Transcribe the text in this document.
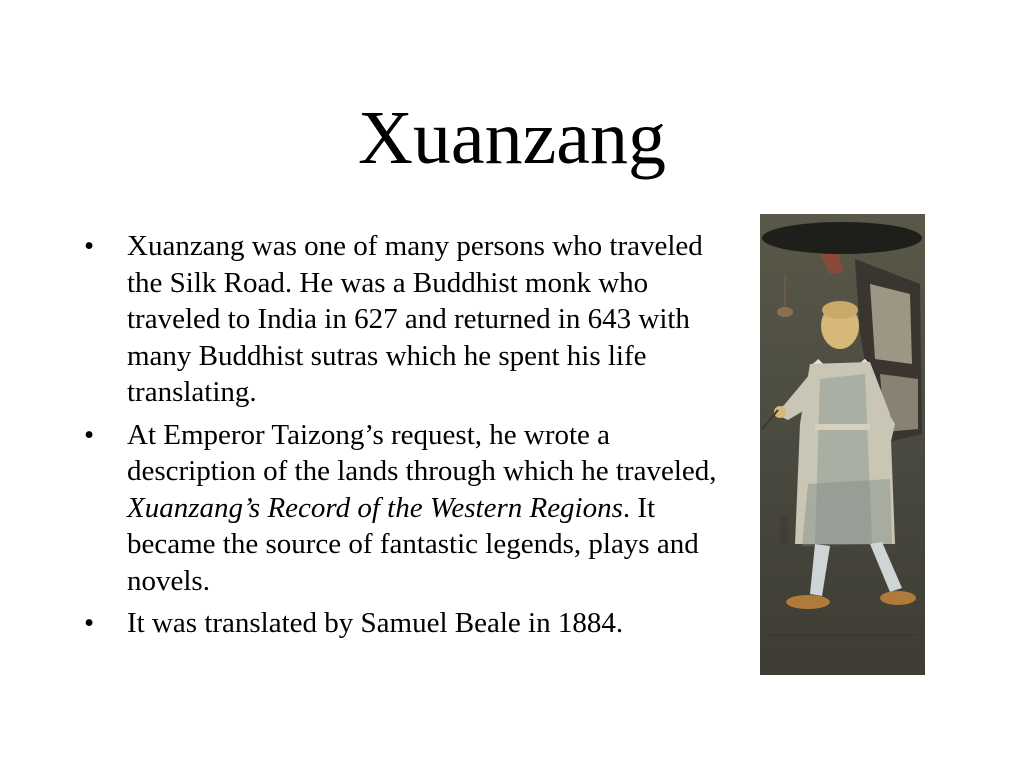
Xuanzang
• Xuanzang was one of many persons who traveled the Silk Road. He was a Buddhist monk who traveled to India in 627 and returned in 643 with many Buddhist sutras which he spent his life translating.
• At Emperor Taizong’s request, he wrote a description of the lands through which he traveled, Xuanzang’s Record of the Western Regions. It became the source of fantastic legends, plays and novels.
• It was translated by Samuel Beale in 1884.
